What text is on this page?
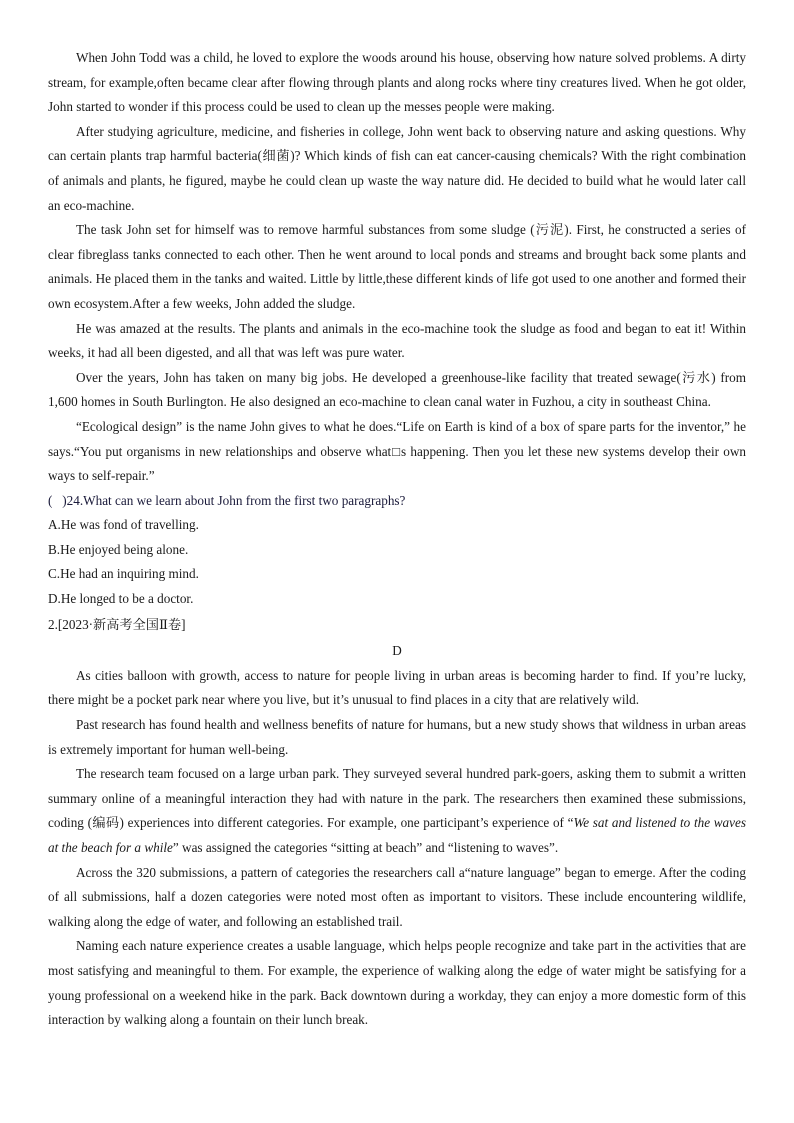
When John Todd was a child, he loved to explore the woods around his house, observing how nature solved problems. A dirty stream, for example,often became clear after flowing through plants and along rocks where tiny creatures lived. When he got older, John started to wonder if this process could be used to clean up the messes people were making.

After studying agriculture, medicine, and fisheries in college, John went back to observing nature and asking questions. Why can certain plants trap harmful bacteria(细菌)? Which kinds of fish can eat cancer-causing chemicals? With the right combination of animals and plants, he figured, maybe he could clean up waste the way nature did. He decided to build what he would later call an eco-machine.

The task John set for himself was to remove harmful substances from some sludge (污泥). First, he constructed a series of clear fibreglass tanks connected to each other. Then he went around to local ponds and streams and brought back some plants and animals. He placed them in the tanks and waited. Little by little,these different kinds of life got used to one another and formed their own ecosystem.After a few weeks, John added the sludge.

He was amazed at the results. The plants and animals in the eco-machine took the sludge as food and began to eat it! Within weeks, it had all been digested, and all that was left was pure water.

Over the years, John has taken on many big jobs. He developed a greenhouse-like facility that treated sewage(污水) from 1,600 homes in South Burlington. He also designed an eco-machine to clean canal water in Fuzhou, a city in southeast China.

“Ecological design” is the name John gives to what he does.“Life on Earth is kind of a box of spare parts for the inventor,” he says.“You put organisms in new relationships and observe what□s happening. Then you let these new systems develop their own ways to self-repair.”

(   )24.What can we learn about John from the first two paragraphs?

A.He was fond of travelling.

B.He enjoyed being alone.

C.He had an inquiring mind.

D.He longed to be a doctor.

2.[2023·新高考全国Ⅱ卷]

D

As cities balloon with growth, access to nature for people living in urban areas is becoming harder to find. If you’re lucky, there might be a pocket park near where you live, but it’s unusual to find places in a city that are relatively wild.

Past research has found health and wellness benefits of nature for humans, but a new study shows that wildness in urban areas is extremely important for human well-being.

The research team focused on a large urban park. They surveyed several hundred park-goers, asking them to submit a written summary online of a meaningful interaction they had with nature in the park. The researchers then examined these submissions, coding (编码) experiences into different categories. For example, one participant’s experience of “We sat and listened to the waves at the beach for a while” was assigned the categories “sitting at beach” and “listening to waves”.

Across the 320 submissions, a pattern of categories the researchers call a“nature language” began to emerge. After the coding of all submissions, half a dozen categories were noted most often as important to visitors. These include encountering wildlife, walking along the edge of water, and following an established trail.

Naming each nature experience creates a usable language, which helps people recognize and take part in the activities that are most satisfying and meaningful to them. For example, the experience of walking along the edge of water might be satisfying for a young professional on a weekend hike in the park. Back downtown during a workday, they can enjoy a more domestic form of this interaction by walking along a fountain on their lunch break.
